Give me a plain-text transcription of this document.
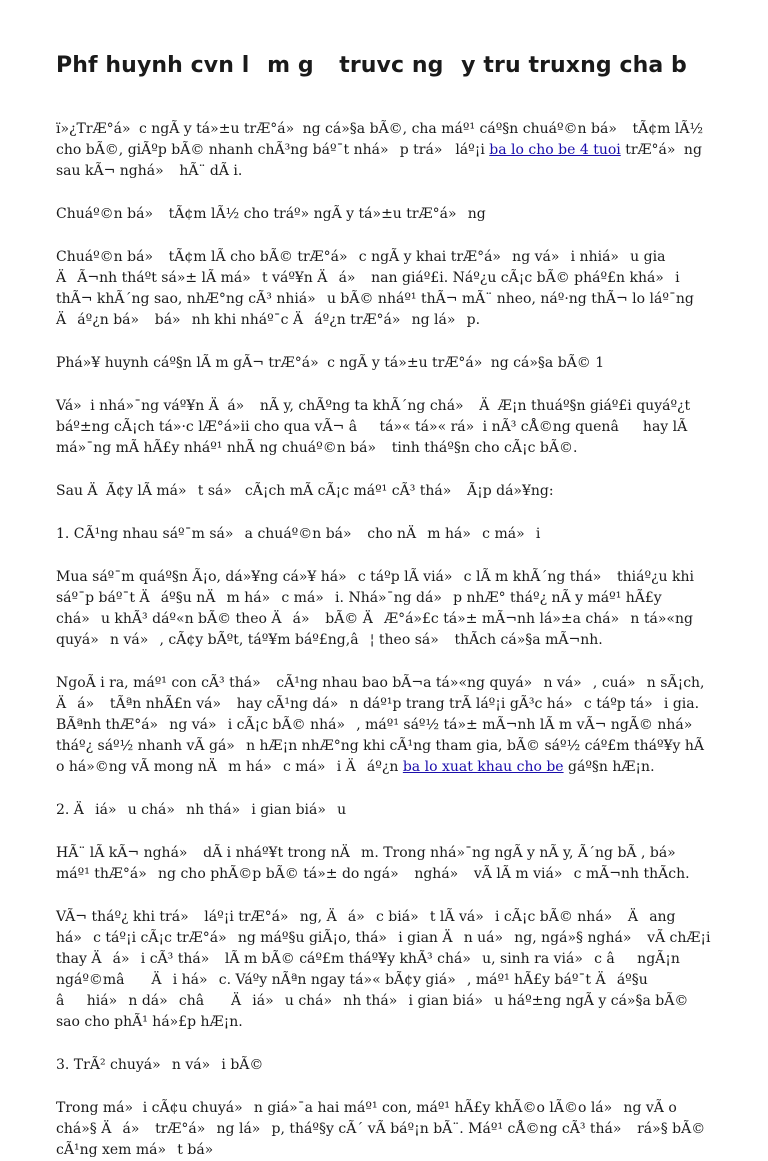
Phf huynh cvn lm g truvc ngy tru truxng cha b

ï»¿TrÆ°á»c ngÃ y tá»±u trÆ°á»ng cá»§a bÃ©, cha máº¹ cáº§n chuáº©n bá» tÃ¢m lÃ½ cho bÃ©, giÃºp bÃ© nhanh chÃ³ng báº¯t nhá»p trá» láº¡i ba lo cho be 4 tuoi trÆ°á»ng sau kÃ¬ nghá» hÃ¨ dÃ i.

Chuáº©n bá» tÃ¢m lÃ½ cho tráº» ngÃ y tá»±u trÆ°á»ng

Chuáº©n bá» tÃ¢m lÃ cho bÃ© trÆ°á»c ngÃ y khai trÆ°á»ng vá»i nhiá»u gia ÄÃ¬nh tháºt sá»± lÃ má»t váº¥n Äá» nan giáº£i. Náº¿u cÃ¡c bÃ© pháº£n khá»i thÃ¬ khÃ´ng sao, nhÆ°ng cÃ³ nhiá»u bÃ© nháº¹ thÃ¬ mÃ¨ nheo, náº·ng thÃ¬ lo láº¯ng Äáº¿n bá» bá»nh khi nháº¯c Äáº¿n trÆ°á»ng lá»p.

Phá»¥ huynh cáº§n lÃ m gÃ¬ trÆ°á»c ngÃ y tá»±u trÆ°á»ng cá»§a bÃ© 1

Vá»i nhá»¯ng váº¥n Äá» nÃ y, chÃºng ta khÃ´ng chá» ÄÆ¡n thuáº§n giáº£i quyáº¿t báº±ng cÃ¡ch tá»·c lÆ°á»ii cho qua vÃ¬ âtá»« tá»« rá»i nÃ³ cÅ©ng quenâ hay lÃ má»¯ng mÃ hÃ£y nháº¹ nhÃ ng chuáº©n bá» tinh tháº§n cho cÃ¡c bÃ©.

Sau ÄÃ¢y lÃ má»t sá» cÃ¡ch mÃ cÃ¡c máº¹ cÃ³ thá» Ã¡p dá»¥ng:

1. CÃ¹ng nhau sáº¯m sá»a chuáº©n bá» cho nÄm há»c má»i

Mua sáº¯m quáº§n Ã¡o, dá»¥ng cá»¥ há»c táºp lÃ viá»c lÃ m khÃ´ng thá» thiáº¿u khi sáº¯p báº¯t Äáº§u nÄm há»c má»i. Nhá»¯ng dá»p nhÆ° tháº¿ nÃ y máº¹ hÃ£y chá»u khÃ³ dáº«n bÃ© theo Äá» bÃ© ÄÆ°á»£c tá»± mÃ¬nh lá»±a chá»n tá»«ng quyá»n vá», cÃ¢y bÃºt, táº¥m báº£ng,â¦ theo sá» thÃch cá»§a mÃ¬nh.

NgoÃ i ra, máº¹ con cÃ³ thá» cÃ¹ng nhau bao bÃ¬a tá»«ng quyá»n vá», cuá»n sÃ¡ch, Äá» tÃªn nhÃ£n vá» hay cÃ¹ng dá»n dáº¹p trang trÃ láº¡i gÃ³c há»c táºp tá»i gia. BÃªnh thÆ°á»ng vá»i cÃ¡c bÃ© nhá», máº¹ sáº½ tá»± mÃ¬nh lÃ m vÃ¬ ngÃ© nhá» tháº¿ sáº½ nhanh vÃ gá»n hÆ¡n nhÆ°ng khi cÃ¹ng tham gia, bÃ© sáº½ cáº£m tháº¥y hÃ o há»©ng vÃ mong nÄm há»c má»i Äáº¿n ba lo xuat khau cho be gáº§n hÆ¡n.

2. Äiá»u chá»nh thá»i gian biá»u

HÃ¨ lÃ kÃ¬ nghá» dÃ i nháº¥t trong nÄm. Trong nhá»¯ng ngÃ y nÃ y, Ã´ng bÃ , bá» máº¹ thÆ°á»ng cho phÃ©p bÃ© tá»± do ngá» nghá» vÃ lÃ m viá»c mÃ¬nh thÃch.

VÃ¬ tháº¿ khi trá» láº¡i trÆ°á»ng, Äá»c biá»t lÃ vá»i cÃ¡c bÃ© nhá» Äang há»c táº¡i cÃ¡c trÆ°á»ng máº§u giÃ¡o, thá»i gian Än uá»ng, ngá»§ nghá» vÃ chÆ¡i thay Äá»i cÃ³ thá» lÃ m bÃ© cáº£m tháº¥y khÃ³ chá»u, sinh ra viá»c ângÃ¡n ngáº©mâ Äi há»c. Váºy nÃªn ngay tá»« bÃ¢y giá», máº¹ hÃ£y báº¯t Äáº§u âhiá»n dá»châ Äiá»u chá»nh thá»i gian biá»u háº±ng ngÃ y cá»§a bÃ© sao cho phÃ¹ há»£p hÆ¡n.

3. TrÃ² chuyá»n vá»i bÃ©

Trong má»i cÃ¢u chuyá»n giá»¯a hai máº¹ con, máº¹ hÃ£y khÃ©o lÃ©o lá»ng vÃ o chá»§ Äá» trÆ°á»ng lá»p, tháº§y cÃ´ vÃ báº¡n bÃ¨. Máº¹ cÅ©ng cÃ³ thá» rá»§ bÃ© cÃ¹ng xem má»t bá»
